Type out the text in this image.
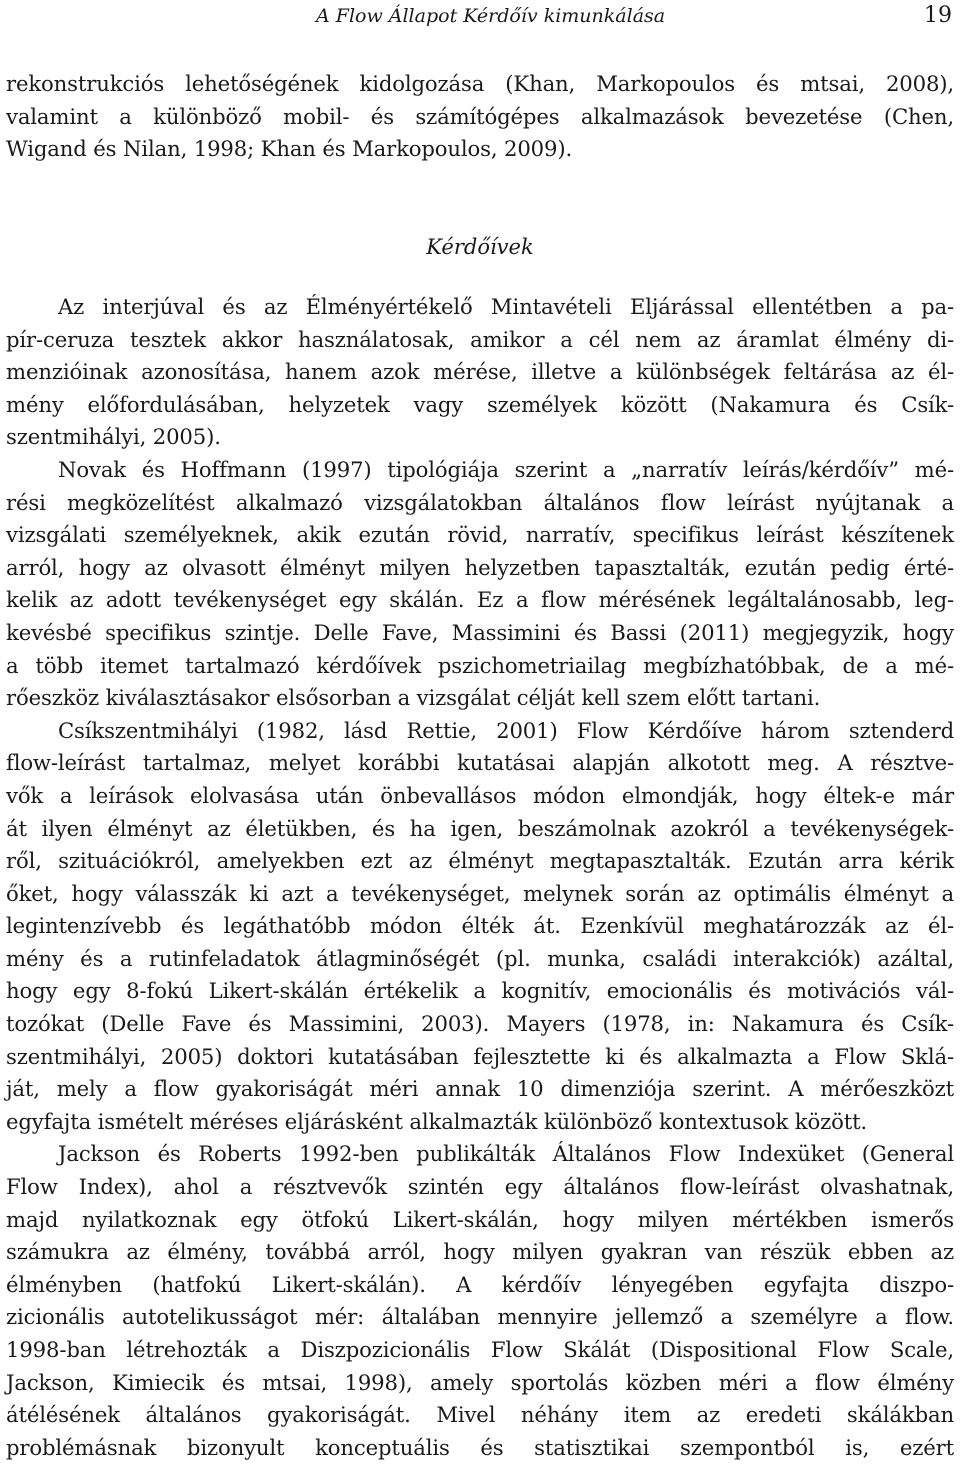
A Flow Állapot Kérdőív kimunkálása	19
rekonstrukciós lehetőségének kidolgozása (Khan, Markopoulos és mtsai, 2008),
valamint a különböző mobil- és számítógépes alkalmazások bevezetése (Chen,
Wigand és Nilan, 1998; Khan és Markopoulos, 2009).
Kérdőívek
Az interjúval és az Élményértékelő Mintavételi Eljárással ellentétben a pa-
pír-ceruza tesztek akkor használatosak, amikor a cél nem az áramlat élmény di-
menzióinak azonosítása, hanem azok mérése, illetve a különbségek feltárása az él-
mény előfordulásában, helyzetek vagy személyek között (Nakamura és Csík-
szentmihályi, 2005).
Novak és Hoffmann (1997) tipológiája szerint a „narratív leírás/kérdőív” mé-
rési megközelítést alkalmazó vizsgálatokban általános flow leírást nyújtanak a
vizsgálati személyeknek, akik ezután rövid, narratív, specifikus leírást készítenek
arról, hogy az olvasott élményt milyen helyzetben tapasztalták, ezután pedig érté-
kelik az adott tevékenységet egy skálán. Ez a flow mérésének legáltalánosabb, leg-
kevésbé specifikus szintje. Delle Fave, Massimini és Bassi (2011) megjegyzik, hogy
a több itemet tartalmazó kérdőívek pszichometriailag megbízhatóbbak, de a mé-
rőeszköz kiválasztásakor elsősorban a vizsgálat célját kell szem előtt tartani.
Csíkszentmihályi (1982, lásd Rettie, 2001) Flow Kérdőíve három sztenderd
flow-leírást tartalmaz, melyet korábbi kutatásai alapján alkotott meg. A résztve-
vők a leírások elolvasása után önbevallásos módon elmondják, hogy éltek-e már
át ilyen élményt az életükben, és ha igen, beszámolnak azokról a tevékenységek-
ről, szituációkról, amelyekben ezt az élményt megtapasztalták. Ezután arra kérik
őket, hogy válasszák ki azt a tevékenységet, melynek során az optimális élményt a
legintenzívebb és legáthatóbb módon élték át. Ezenkívül meghatározzák az él-
mény és a rutinfeladatok átlagminőségét (pl. munka, családi interakciók) azáltal,
hogy egy 8-fokú Likert-skálán értékelik a kognitív, emocionális és motivációs vál-
tozókat (Delle Fave és Massimini, 2003). Mayers (1978, in: Nakamura és Csík-
szentmihályi, 2005) doktori kutatásában fejlesztette ki és alkalmazta a Flow Sklá-
ját, mely a flow gyakoriságát méri annak 10 dimenziója szerint. A mérőeszközt
egyfajta ismételt méréses eljárásként alkalmazták különböző kontextusok között.
Jackson és Roberts 1992-ben publikálták Általános Flow Indexüket (General
Flow Index), ahol a résztvevők szintén egy általános flow-leírást olvashatnak,
majd nyilatkoznak egy ötfokú Likert-skálán, hogy milyen mértékben ismerős
számukra az élmény, továbbá arról, hogy milyen gyakran van részük ebben az
élményben (hatfokú Likert-skálán). A kérdőív lényegében egyfajta diszpo-
zicionális autotelikusságot mér: általában mennyire jellemző a személyre a flow.
1998-ban létrehozták a Diszpozicionális Flow Skálát (Dispositional Flow Scale,
Jackson, Kimiecik és mtsai, 1998), amely sportolás közben méri a flow élmény
átélésének általános gyakoriságát. Mivel néhány item az eredeti skálákban
problémásnak bizonyult konceptuális és statisztikai szempontból is, ezért
